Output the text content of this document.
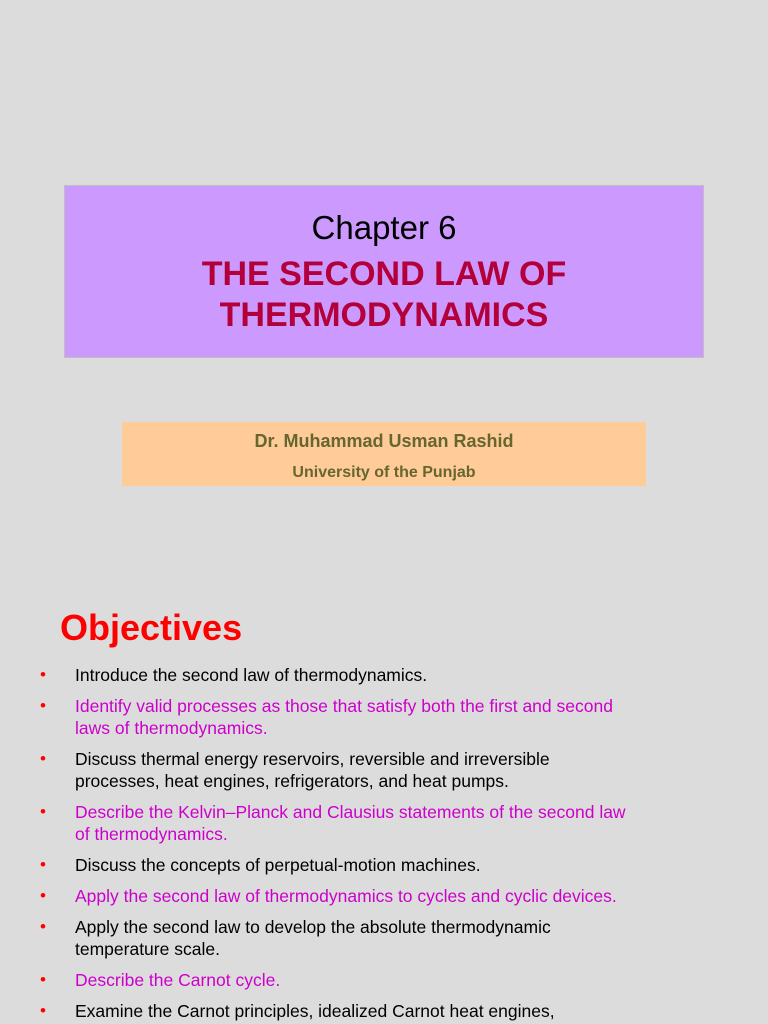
Chapter 6
THE SECOND LAW OF
THERMODYNAMICS
Dr. Muhammad Usman Rashid
University of the Punjab
Objectives
• Introduce the second law of thermodynamics.
• Identify valid processes as those that satisfy both the first and second
laws of thermodynamics.
• Discuss thermal energy reservoirs, reversible and irreversible
processes, heat engines, refrigerators, and heat pumps.
• Describe the Kelvin–Planck and Clausius statements of the second law
of thermodynamics.
• Discuss the concepts of perpetual-motion machines.
• Apply the second law of thermodynamics to cycles and cyclic devices.
• Apply the second law to develop the absolute thermodynamic
temperature scale.
• Describe the Carnot cycle.
• Examine the Carnot principles, idealized Carnot heat engines,
